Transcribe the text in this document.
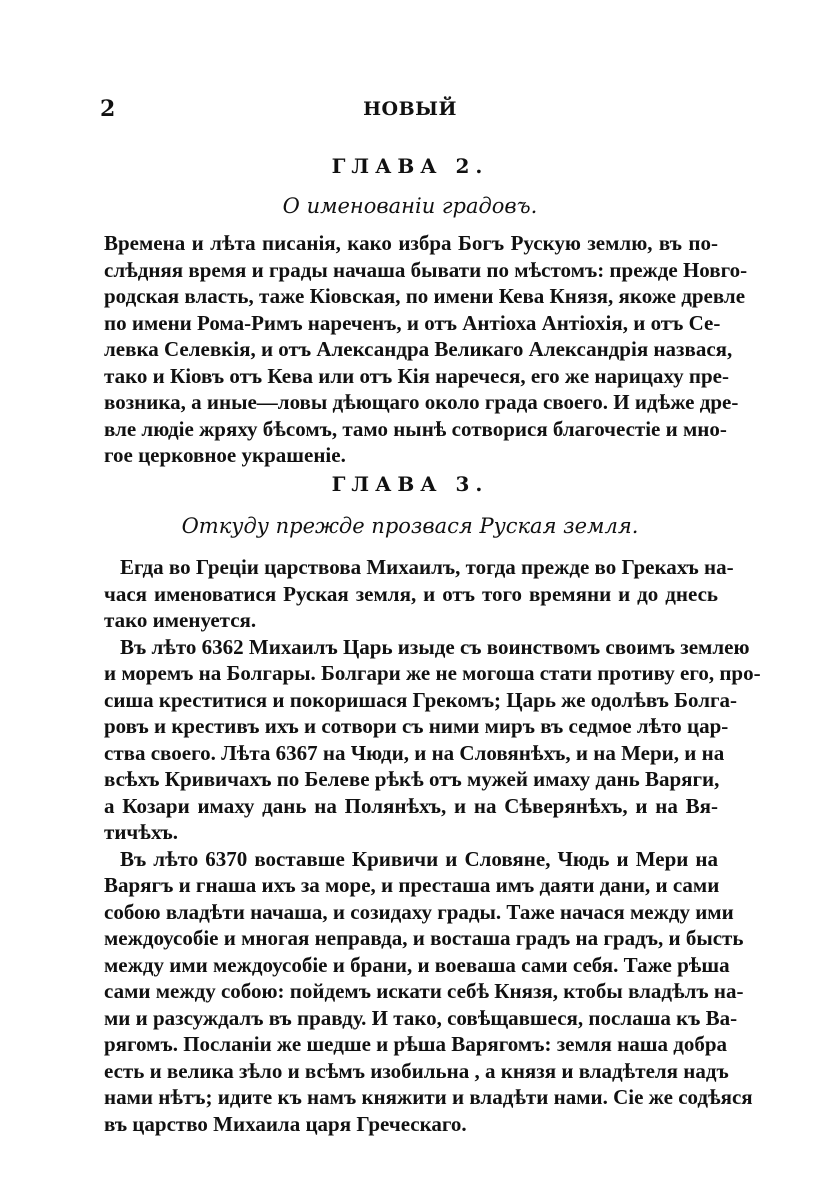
2	НОВЫЙ
ГЛАВА 2.
О именованіи градовъ.
Времена и лѣта писанія, како избра Богъ Рускую землю, въ по-
слѣдняя время и грады начаша бывати по мѣстомъ: прежде Новго-
родская власть, таже Кіовская, по имени Кева Князя, якоже древле
по имени Рома-Римъ нареченъ, и отъ Антіоха Антіохія, и отъ Се-
левка Селевкія, и отъ Александра Великаго Александрія назвася,
тако и Кіовъ отъ Кева или отъ Кія наречеся, его же нарицаху пре-
возника, а иные—ловы дѣющаго около града своего. И идѣже дре-
вле людіе жряху бѣсомъ, тамо нынѣ сотворися благочестіе и мно-
гое церковное украшеніе.
ГЛАВА 3.
Откуду прежде прозвася Руская земля.
Егда во Греціи царствова Михаилъ, тогда прежде во Грекахъ на-
чася именоватися Руская земля, и отъ того времяни и до днесь
тако именуется.
Въ лѣто 6362 Михаилъ Царь изыде съ воинствомъ своимъ землею
и моремъ на Болгары. Болгари же не могоша стати противу его, про-
сиша креститися и покоришася Грекомъ; Царь же одолѣвъ Болга-
ровъ и крестивъ ихъ и сотвори съ ними миръ въ седмое лѣто цар-
ства своего. Лѣта 6367 на Чюди, и на Словянѣхъ, и на Мери, и на
всѣхъ Кривичахъ по Белеве рѣкѣ отъ мужей имаху дань Варяги,
а Козари имаху дань на Полянѣхъ, и на Сѣверянѣхъ, и на Вя-
тичѣхъ.
Въ лѣто 6370 воставше Кривичи и Словяне, Чюдь и Мери на
Варягъ и гнаша ихъ за море, и престаша имъ даяти дани, и сами
собою владѣти начаша, и созидаху грады. Таже начася между ими
междоусобіе и многая неправда, и восташа градъ на градъ, и бысть
между ими междоусобіе и брани, и воеваша сами себя. Таже рѣша
сами между собою: пойдемъ искати себѣ Князя, ктобы владѣлъ на-
ми и разсуждалъ въ правду. И тако, совѣщавшеся, послаша къ Ва-
рягомъ. Посланіи же шедше и рѣша Варягомъ: земля наша добра
есть и велика зѣло и всѣмъ изобильна , а князя и владѣтеля надъ
нами нѣтъ; идите къ намъ княжити и владѣти нами. Сіе же содѣяся
въ царство Михаила царя Греческаго.
